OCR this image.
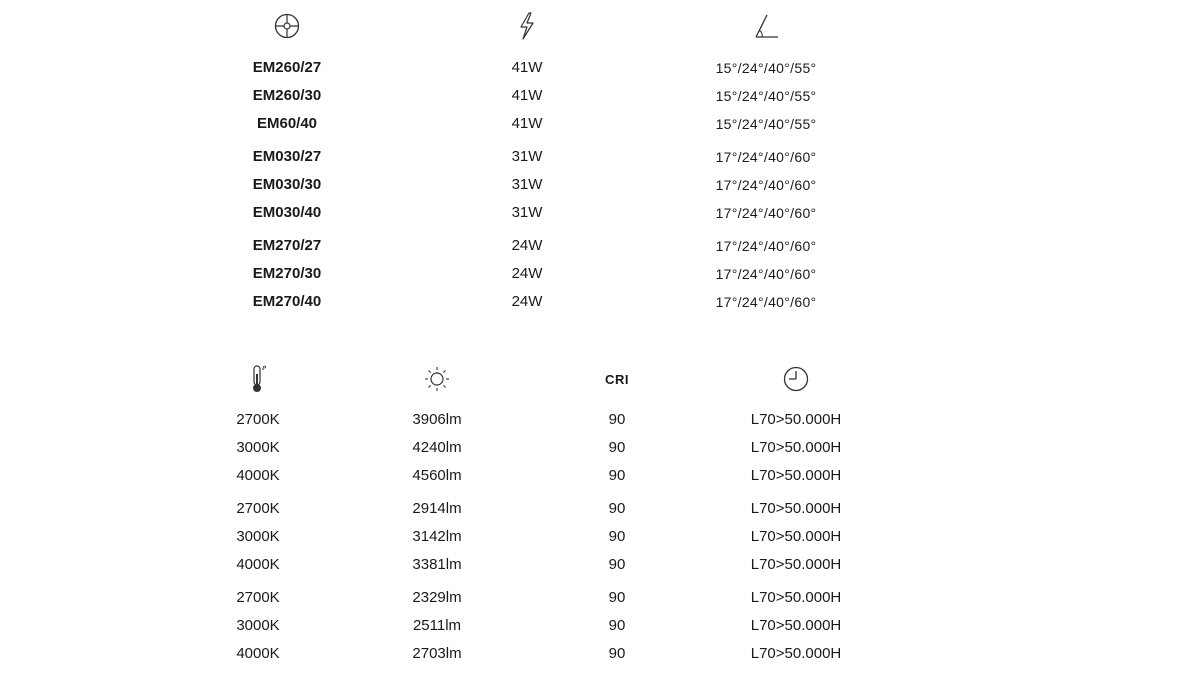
EM260/27	41W	15°/24°/40°/55°
EM260/30	41W	15°/24°/40°/55°
EM60/40	41W	15°/24°/40°/55°
EM030/27	31W	17°/24°/40°/60°
EM030/30	31W	17°/24°/40°/60°
EM030/40	31W	17°/24°/40°/60°
EM270/27	24W	17°/24°/40°/60°
EM270/30	24W	17°/24°/40°/60°
EM270/40	24W	17°/24°/40°/60°
CRI
2700K	3906lm	90	L70>50.000H
3000K	4240lm	90	L70>50.000H
4000K	4560lm	90	L70>50.000H
2700K	2914lm	90	L70>50.000H
3000K	3142lm	90	L70>50.000H
4000K	3381lm	90	L70>50.000H
2700K	2329lm	90	L70>50.000H
3000K	2511lm	90	L70>50.000H
4000K	2703lm	90	L70>50.000H
